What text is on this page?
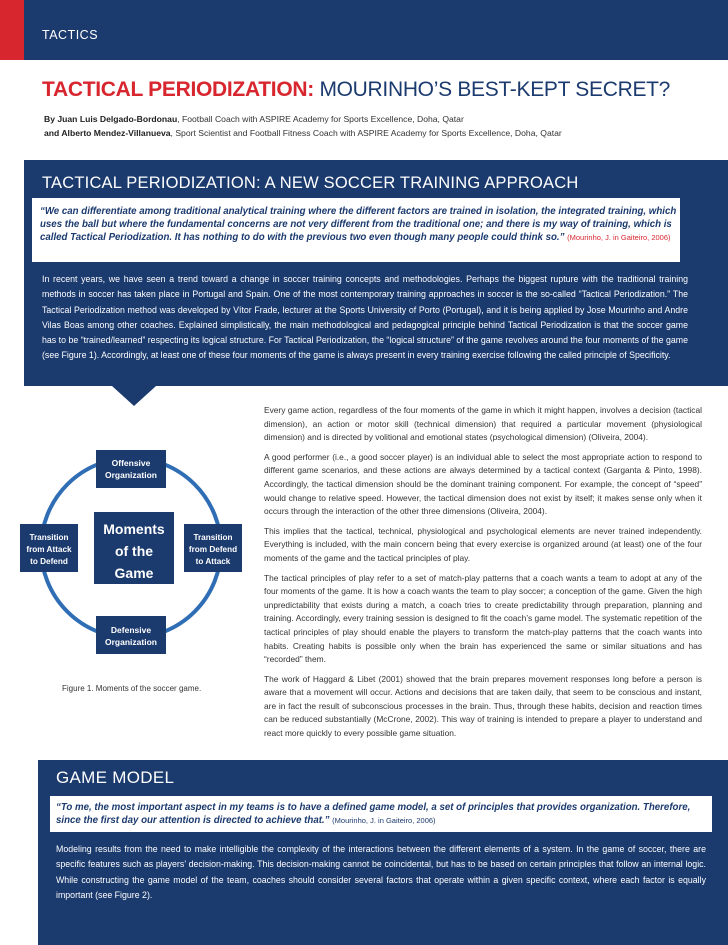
TACTICS
TACTICAL PERIODIZATION: MOURINHO’S BEST-KEPT SECRET?
By Juan Luis Delgado-Bordonau, Football Coach with ASPIRE Academy for Sports Excellence, Doha, Qatar
and Alberto Mendez-Villanueva, Sport Scientist and Football Fitness Coach with ASPIRE Academy for Sports Excellence, Doha, Qatar
TACTICAL PERIODIZATION: A NEW SOCCER TRAINING APPROACH
“We can differentiate among traditional analytical training where the different factors are trained in isolation, the integrated training, which uses the ball but where the fundamental concerns are not very different from the traditional one; and there is my way of training, which is called Tactical Periodization. It has nothing to do with the previous two even though many people could think so.” (Mourinho, J. in Gaiteiro, 2006)
In recent years, we have seen a trend toward a change in soccer training concepts and methodologies. Perhaps the biggest rupture with the traditional training methods in soccer has taken place in Portugal and Spain. One of the most contemporary training approaches in soccer is the so-called “Tactical Periodization.” The Tactical Periodization method was developed by Vítor Frade, lecturer at the Sports University of Porto (Portugal), and it is being applied by Jose Mourinho and Andre Vilas Boas among other coaches. Explained simplistically, the main methodological and pedagogical principle behind Tactical Periodization is that the soccer game has to be “trained/learned” respecting its logical structure. For Tactical Periodization, the “logical structure” of the game revolves around the four moments of the game (see Figure 1). Accordingly, at least one of these four moments of the game is always present in every training exercise following the called principle of Specificity.
Offensive
Organization
Defensive
Organization
Transition
from Attack
to Defend
Transition
from Defend
to Attack
Moments
of the
Game
Figure 1. Moments of the soccer game.

Every game action, regardless of the four moments of the game in which it might happen, involves a decision (tactical dimension), an action or motor skill (technical dimension) that required a particular movement (physiological dimension) and is directed by volitional and emotional states (psychological dimension) (Oliveira, 2004).

A good performer (i.e., a good soccer player) is an individual able to select the most appropriate action to respond to different game scenarios, and these actions are always determined by a tactical context (Garganta & Pinto, 1998). Accordingly, the tactical dimension should be the dominant training component. For example, the concept of “speed” would change to relative speed. However, the tactical dimension does not exist by itself; it makes sense only when it occurs through the interaction of the other three dimensions (Oliveira, 2004).

This implies that the tactical, technical, physiological and psychological elements are never trained independently. Everything is included, with the main concern being that every exercise is organized around (at least) one of the four moments of the game and the tactical principles of play.

The tactical principles of play refer to a set of match-play patterns that a coach wants a team to adopt at any of the four moments of the game. It is how a coach wants the team to play soccer; a conception of the game. Given the high unpredictability that exists during a match, a coach tries to create predictability through preparation, planning and training. Accordingly, every training session is designed to fit the coach’s game model. The systematic repetition of the tactical principles of play should enable the players to transform the match-play patterns that the coach wants into habits. Creating habits is possible only when the brain has experienced the same or similar situations and has “recorded” them.

The work of Haggard & Libet (2001) showed that the brain prepares movement responses long before a person is aware that a movement will occur. Actions and decisions that are taken daily, that seem to be conscious and instant, are in fact the result of subconscious processes in the brain. Thus, through these habits, decision and reaction times can be reduced substantially (McCrone, 2002). This way of training is intended to prepare a player to understand and react more quickly to every possible game situation.

GAME MODEL
“To me, the most important aspect in my teams is to have a defined game model, a set of principles that provides organization. Therefore, since the first day our attention is directed to achieve that.” (Mourinho, J. in Gaiteiro, 2006)
Modeling results from the need to make intelligible the complexity of the interactions between the different elements of a system. In the game of soccer, there are specific features such as players’ decision-making. This decision-making cannot be coincidental, but has to be based on certain principles that follow an internal logic. While constructing the game model of the team, coaches should consider several factors that operate within a given specific context, where each factor is equally important (see Figure 2).
